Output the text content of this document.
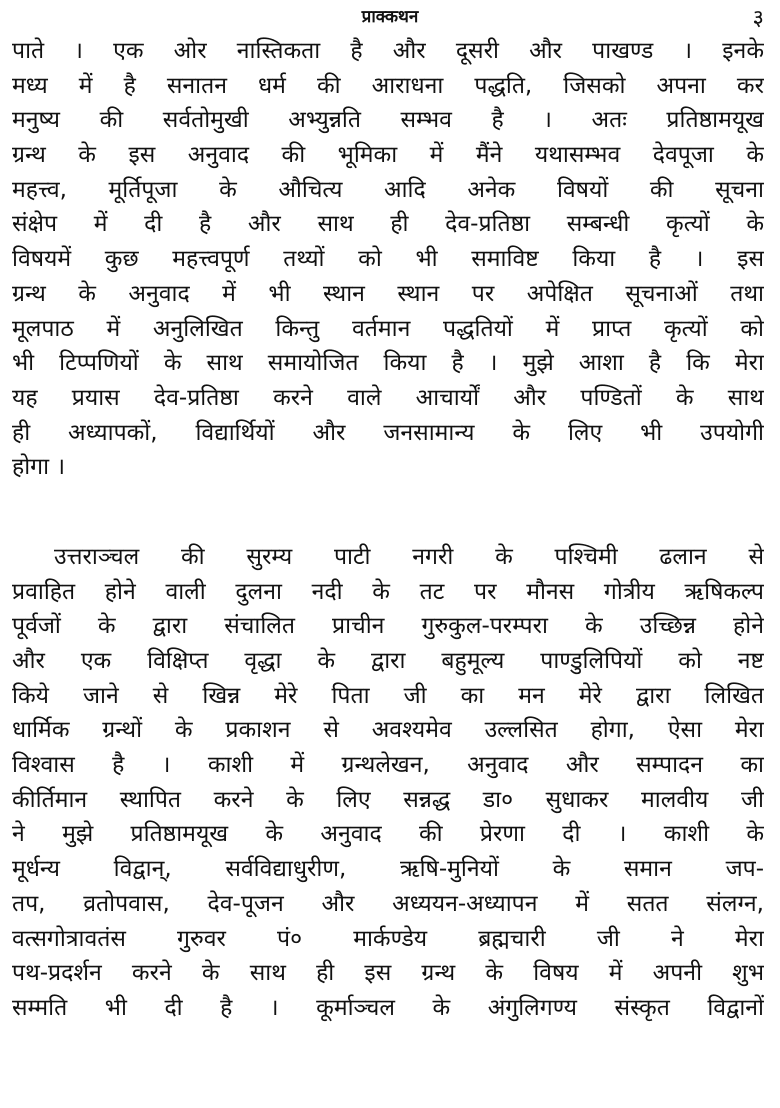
प्राक्कथन	३
पाते । एक ओर नास्तिकता है और दूसरी और पाखण्ड । इनके
मध्य में है सनातन धर्म की आराधना पद्धति, जिसको अपना कर
मनुष्य की सर्वतोमुखी अभ्युन्नति सम्भव है । अतः प्रतिष्ठामयूख
ग्रन्थ के इस अनुवाद की भूमिका में मैंने यथासम्भव देवपूजा के
महत्त्व, मूर्तिपूजा के औचित्य आदि अनेक विषयों की सूचना
संक्षेप में दी है और साथ ही देव-प्रतिष्ठा सम्बन्धी कृत्यों के
विषयमें कुछ महत्त्वपूर्ण तथ्यों को भी समाविष्ट किया है । इस
ग्रन्थ के अनुवाद में भी स्थान स्थान पर अपेक्षित सूचनाओं तथा
मूलपाठ में अनुलिखित किन्तु वर्तमान पद्धतियों में प्राप्त कृत्यों को
भी टिप्पणियों के साथ समायोजित किया है । मुझे आशा है कि मेरा
यह प्रयास देव-प्रतिष्ठा करने वाले आचार्यों और पण्डितों के साथ
ही अध्यापकों, विद्यार्थियों और जनसामान्य के लिए भी उपयोगी
होगा ।
उत्तराञ्चल की सुरम्य पाटी नगरी के पश्चिमी ढलान से
प्रवाहित होने वाली दुलना नदी के तट पर मौनस गोत्रीय ऋषिकल्प
पूर्वजों के द्वारा संचालित प्राचीन गुरुकुल-परम्परा के उच्छिन्न होने
और एक विक्षिप्त वृद्धा के द्वारा बहुमूल्य पाण्डुलिपियों को नष्ट
किये जाने से खिन्न मेरे पिता जी का मन मेरे द्वारा लिखित
धार्मिक ग्रन्थों के प्रकाशन से अवश्यमेव उल्लसित होगा, ऐसा मेरा
विश्वास है । काशी में ग्रन्थलेखन, अनुवाद और सम्पादन का
कीर्तिमान स्थापित करने के लिए सन्नद्ध डा० सुधाकर मालवीय जी
ने मुझे प्रतिष्ठामयूख के अनुवाद की प्रेरणा दी । काशी के
मूर्धन्य विद्वान्, सर्वविद्याधुरीण, ऋषि-मुनियों के समान जप-
तप, व्रतोपवास, देव-पूजन और अध्ययन-अध्यापन में सतत संलग्न,
वत्सगोत्रावतंस गुरुवर पं० मार्कण्डेय ब्रह्मचारी जी ने मेरा
पथ-प्रदर्शन करने के साथ ही इस ग्रन्थ के विषय में अपनी शुभ
सम्मति भी दी है । कूर्माञ्चल के अंगुलिगण्य संस्कृत विद्वानों
